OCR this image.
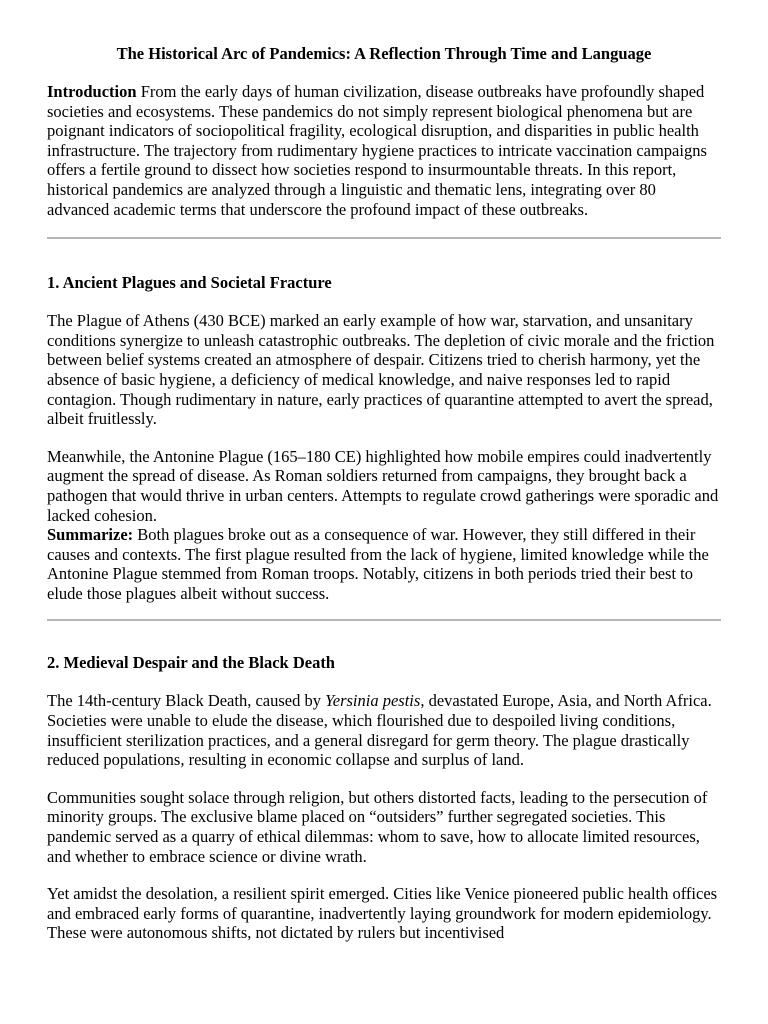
The Historical Arc of Pandemics: A Reflection Through Time and Language

Introduction From the early days of human civilization, disease outbreaks have profoundly shaped societies and ecosystems. These pandemics do not simply represent biological phenomena but are poignant indicators of sociopolitical fragility, ecological disruption, and disparities in public health infrastructure. The trajectory from rudimentary hygiene practices to intricate vaccination campaigns offers a fertile ground to dissect how societies respond to insurmountable threats. In this report, historical pandemics are analyzed through a linguistic and thematic lens, integrating over 80 advanced academic terms that underscore the profound impact of these outbreaks.

1. Ancient Plagues and Societal Fracture

The Plague of Athens (430 BCE) marked an early example of how war, starvation, and unsanitary conditions synergize to unleash catastrophic outbreaks. The depletion of civic morale and the friction between belief systems created an atmosphere of despair. Citizens tried to cherish harmony, yet the absence of basic hygiene, a deficiency of medical knowledge, and naive responses led to rapid contagion. Though rudimentary in nature, early practices of quarantine attempted to avert the spread, albeit fruitlessly.

Meanwhile, the Antonine Plague (165–180 CE) highlighted how mobile empires could inadvertently augment the spread of disease. As Roman soldiers returned from campaigns, they brought back a pathogen that would thrive in urban centers. Attempts to regulate crowd gatherings were sporadic and lacked cohesion.

Summarize: Both plagues broke out as a consequence of war. However, they still differed in their causes and contexts. The first plague resulted from the lack of hygiene, limited knowledge while the Antonine Plague stemmed from Roman troops. Notably, citizens in both periods tried their best to elude those plagues albeit without success.

2. Medieval Despair and the Black Death

The 14th-century Black Death, caused by Yersinia pestis, devastated Europe, Asia, and North Africa. Societies were unable to elude the disease, which flourished due to despoiled living conditions, insufficient sterilization practices, and a general disregard for germ theory. The plague drastically reduced populations, resulting in economic collapse and surplus of land.

Communities sought solace through religion, but others distorted facts, leading to the persecution of minority groups. The exclusive blame placed on “outsiders” further segregated societies. This pandemic served as a quarry of ethical dilemmas: whom to save, how to allocate limited resources, and whether to embrace science or divine wrath.

Yet amidst the desolation, a resilient spirit emerged. Cities like Venice pioneered public health offices and embraced early forms of quarantine, inadvertently laying groundwork for modern epidemiology. These were autonomous shifts, not dictated by rulers but incentivised
